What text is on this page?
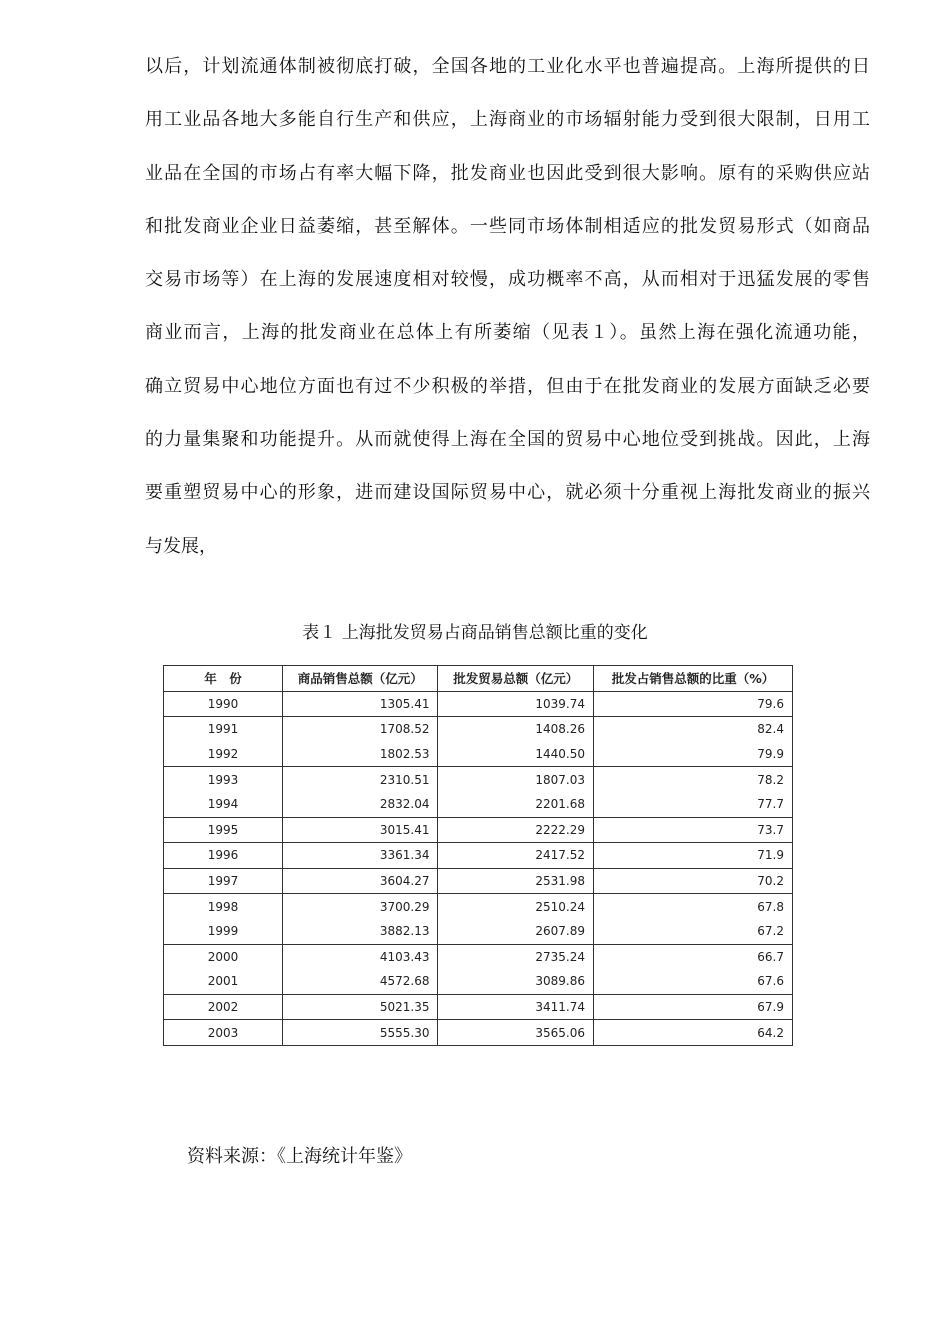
以后，计划流通体制被彻底打破，全国各地的工业化水平也普遍提高。上海所提供的日
用工业品各地大多能自行生产和供应，上海商业的市场辐射能力受到很大限制，日用工
业品在全国的市场占有率大幅下降，批发商业也因此受到很大影响。原有的采购供应站
和批发商业企业日益萎缩，甚至解体。一些同市场体制相适应的批发贸易形式（如商品
交易市场等）在上海的发展速度相对较慢，成功概率不高，从而相对于迅猛发展的零售
商业而言，上海的批发商业在总体上有所萎缩（见表１）。虽然上海在强化流通功能，
确立贸易中心地位方面也有过不少积极的举措，但由于在批发商业的发展方面缺乏必要
的力量集聚和功能提升。从而就使得上海在全国的贸易中心地位受到挑战。因此，上海
要重塑贸易中心的形象，进而建设国际贸易中心，就必须十分重视上海批发商业的振兴
与发展，
表１ 上海批发贸易占商品销售总额比重的变化
年　份	商品销售总额（亿元）	批发贸易总额（亿元）	批发占销售总额的比重（%）
1990	1305.41	1039.74	79.6
1991	1708.52	1408.26	82.4
1992	1802.53	1440.50	79.9
1993	2310.51	1807.03	78.2
1994	2832.04	2201.68	77.7
1995	3015.41	2222.29	73.7
1996	3361.34	2417.52	71.9
1997	3604.27	2531.98	70.2
1998	3700.29	2510.24	67.8
1999	3882.13	2607.89	67.2
2000	4103.43	2735.24	66.7
2001	4572.68	3089.86	67.6
2002	5021.35	3411.74	67.9
2003	5555.30	3565.06	64.2
资料来源：《上海统计年鉴》
